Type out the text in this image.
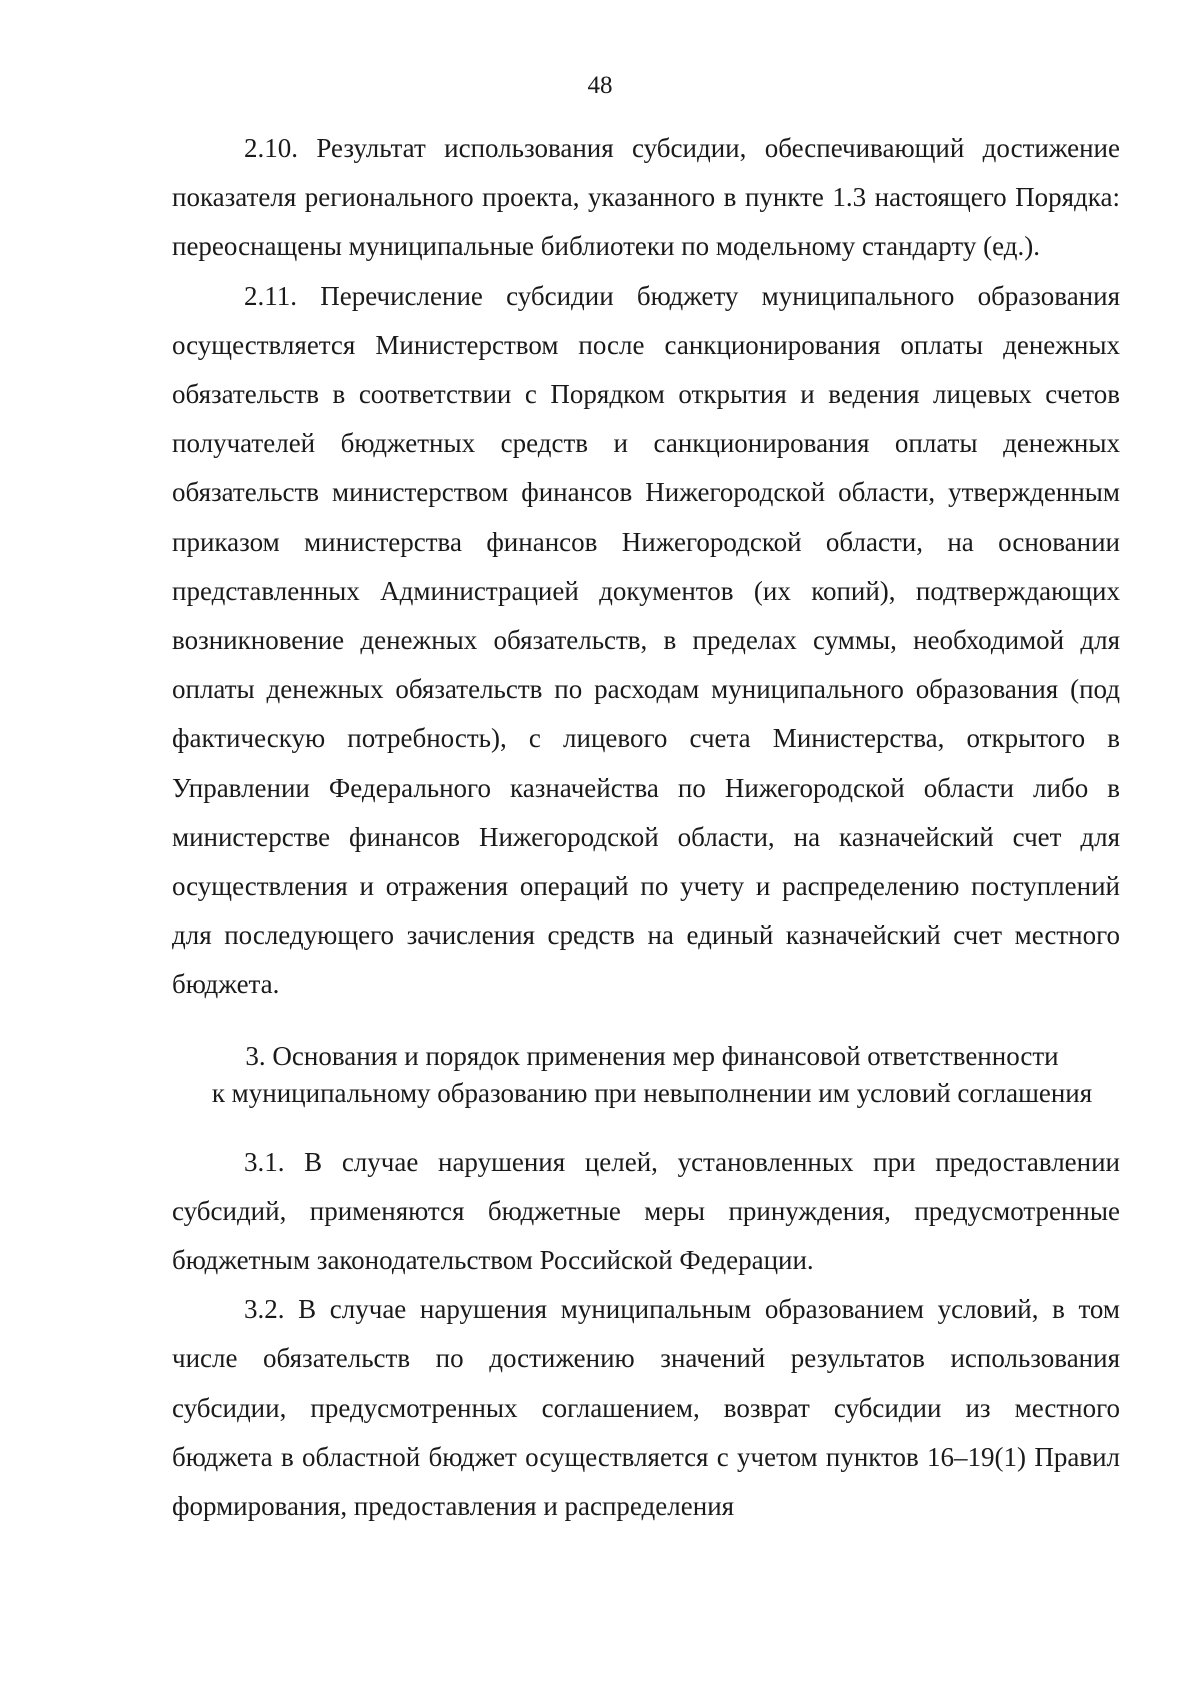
48

2.10. Результат использования субсидии, обеспечивающий достижение показателя регионального проекта, указанного в пункте 1.3 настоящего Порядка: переоснащены муниципальные библиотеки по модельному стандарту (ед.).

2.11. Перечисление субсидии бюджету муниципального образования осуществляется Министерством после санкционирования оплаты денежных обязательств в соответствии с Порядком открытия и ведения лицевых счетов получателей бюджетных средств и санкционирования оплаты денежных обязательств министерством финансов Нижегородской области, утвержденным приказом министерства финансов Нижегородской области, на основании представленных Администрацией документов (их копий), подтверждающих возникновение денежных обязательств, в пределах суммы, необходимой для оплаты денежных обязательств по расходам муниципального образования (под фактическую потребность), с лицевого счета Министерства, открытого в Управлении Федерального казначейства по Нижегородской области либо в министерстве финансов Нижегородской области, на казначейский счет для осуществления и отражения операций по учету и распределению поступлений для последующего зачисления средств на единый казначейский счет местного бюджета.

3. Основания и порядок применения мер финансовой ответственности
к муниципальному образованию при невыполнении им условий соглашения

3.1. В случае нарушения целей, установленных при предоставлении субсидий, применяются бюджетные меры принуждения, предусмотренные бюджетным законодательством Российской Федерации.

3.2. В случае нарушения муниципальным образованием условий, в том числе обязательств по достижению значений результатов использования субсидии, предусмотренных соглашением, возврат субсидии из местного бюджета в областной бюджет осуществляется с учетом пунктов 16–19(1) Правил формирования, предоставления и распределения
